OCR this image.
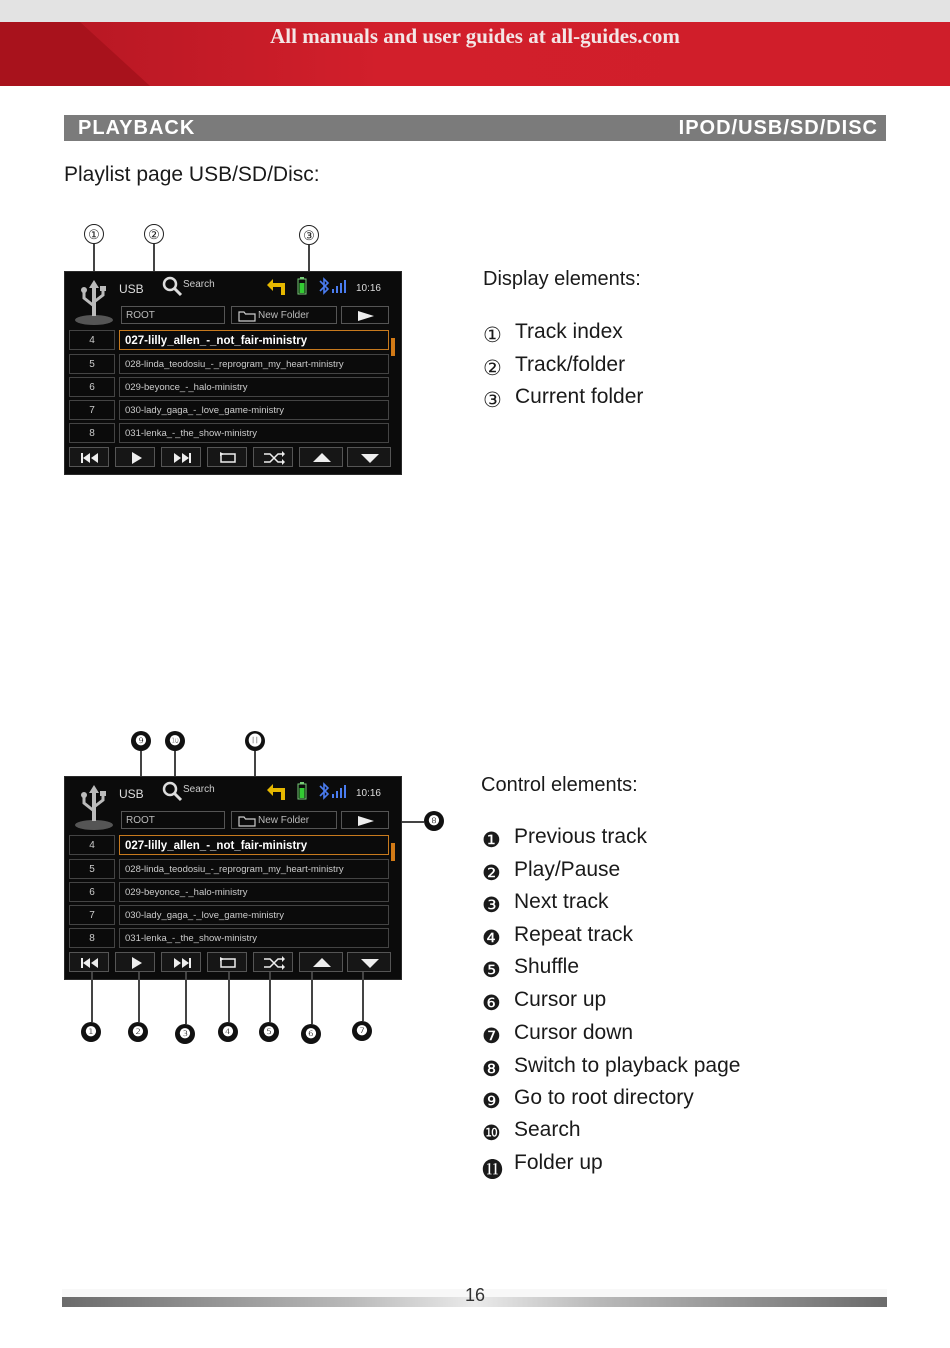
All manuals and user guides at all-guides.com
PLAYBACK	IPOD/USB/SD/DISC
Playlist page USB/SD/Disc:
①	②	③
USB	Search	10:16
ROOT	New Folder
4	027-lilly_allen_-_not_fair-ministry
5	028-linda_teodosiu_-_reprogram_my_heart-ministry
6	029-beyonce_-_halo-ministry
7	030-lady_gaga_-_love_game-ministry
8	031-lenka_-_the_show-ministry
Display elements:
① Track index
② Track/folder
③ Current folder
❾	❿	⓫
❽
USB	Search	10:16
ROOT	New Folder
4	027-lilly_allen_-_not_fair-ministry
5	028-linda_teodosiu_-_reprogram_my_heart-ministry
6	029-beyonce_-_halo-ministry
7	030-lady_gaga_-_love_game-ministry
8	031-lenka_-_the_show-ministry
❶	❷	❸	❹	❺	❻	❼
Control elements:
❶ Previous track
❷ Play/Pause
❸ Next track
❹ Repeat track
❺ Shuffle
❻ Cursor up
❼ Cursor down
❽ Switch to playback page
❾ Go to root directory
❿ Search
⓫ Folder up
16
